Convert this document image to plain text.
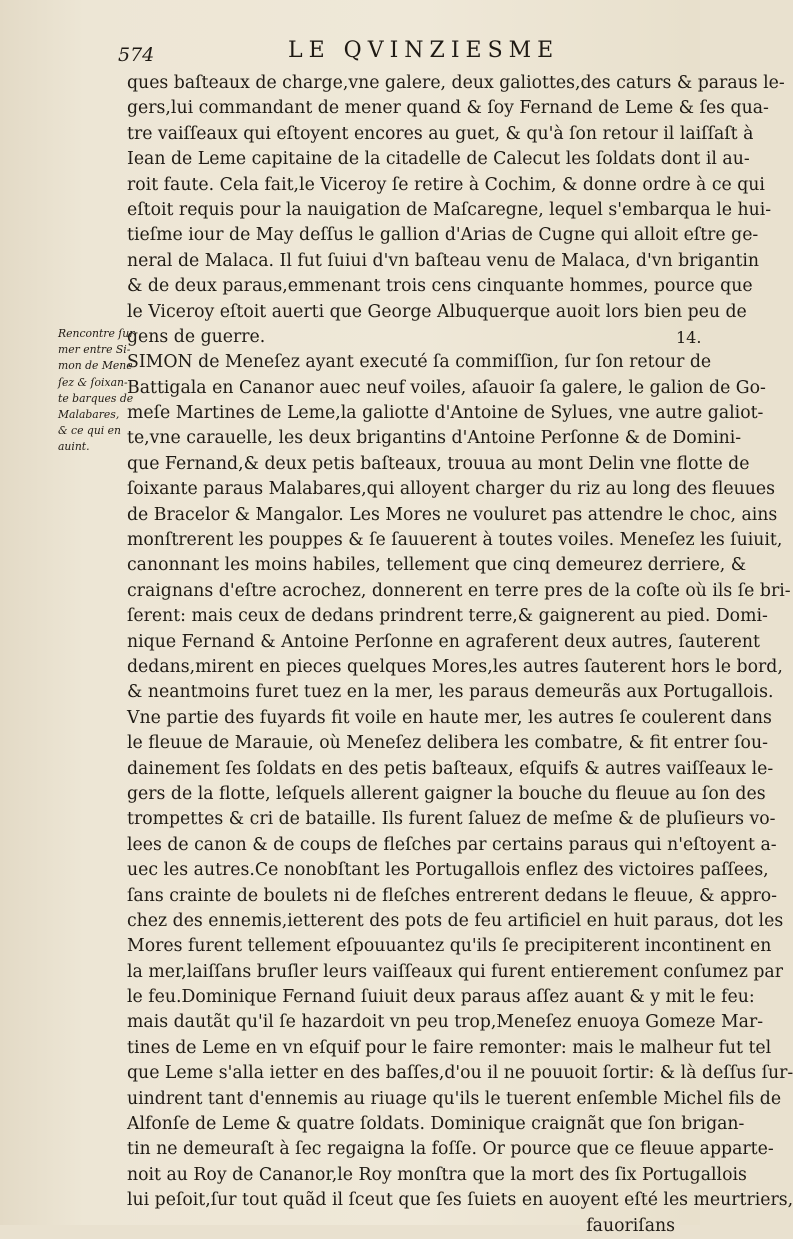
574	LE QVINZIESME
Rencontre ſur
mer entre Si-
mon de Mene
ſez & ſoixan-
te barques de
Malabares,
& ce qui en
auint.
14.
ques baſteaux de charge,vne galere, deux galiottes,des caturs & paraus le-
gers,lui commandant de mener quand & ſoy Fernand de Leme & ſes qua-
tre vaiſſeaux qui eſtoyent encores au guet, & qu'à ſon retour il laiſſaſt à
Iean de Leme capitaine de la citadelle de Calecut les ſoldats dont il au-
roit faute. Cela fait,le Viceroy ſe retire à Cochim, & donne ordre à ce qui
eſtoit requis pour la nauigation de Maſcaregne, lequel s'embarqua le hui-
tieſme iour de May deſſus le gallion d'Arias de Cugne qui alloit eſtre ge-
neral de Malaca. Il fut ſuiui d'vn baſteau venu de Malaca, d'vn brigantin
& de deux paraus,emmenant trois cens cinquante hommes, pource que
le Viceroy eſtoit auerti que George Albuquerque auoit lors bien peu de
gens de guerre.
SIMON de Meneſez ayant executé ſa commiſſion, ſur ſon retour de
Battigala en Cananor auec neuf voiles, aſauoir ſa galere, le galion de Go-
meſe Martines de Leme,la galiotte d'Antoine de Sylues, vne autre galiot-
te,vne carauelle, les deux brigantins d'Antoine Perſonne & de Domini-
que Fernand,& deux petis baſteaux, trouua au mont Delin vne flotte de
ſoixante paraus Malabares,qui alloyent charger du riz au long des fleuues
de Bracelor & Mangalor. Les Mores ne vouluret pas attendre le choc, ains
monſtrerent les pouppes & ſe ſauuerent à toutes voiles. Meneſez les ſuiuit,
canonnant les moins habiles, tellement que cinq demeurez derriere, &
craignans d'eſtre acrochez, donnerent en terre pres de la coſte où ils ſe bri-
ſerent: mais ceux de dedans prindrent terre,& gaignerent au pied. Domi-
nique Fernand & Antoine Perſonne en agraferent deux autres, ſauterent
dedans,mirent en pieces quelques Mores,les autres ſauterent hors le bord,
& neantmoins furet tuez en la mer, les paraus demeurãs aux Portugallois.
Vne partie des fuyards fit voile en haute mer, les autres ſe coulerent dans
le fleuue de Marauie, où Meneſez delibera les combatre, & fit entrer ſou-
dainement ſes ſoldats en des petis baſteaux, eſquifs & autres vaiſſeaux le-
gers de la flotte, leſquels allerent gaigner la bouche du fleuue au ſon des
trompettes & cri de bataille. Ils furent ſaluez de meſme & de pluſieurs vo-
lees de canon & de coups de fleſches par certains paraus qui n'eſtoyent a-
uec les autres.Ce nonobſtant les Portugallois enflez des victoires paſſees,
ſans crainte de boulets ni de fleſches entrerent dedans le fleuue, & appro-
chez des ennemis,ietterent des pots de feu artificiel en huit paraus, dot les
Mores furent tellement eſpouuantez qu'ils ſe precipiterent incontinent en
la mer,laiſſans bruſler leurs vaiſſeaux qui furent entierement conſumez par
le feu.Dominique Fernand ſuiuit deux paraus aſſez auant & y mit le feu:
mais dautãt qu'il ſe hazardoit vn peu trop,Meneſez enuoya Gomeze Mar-
tines de Leme en vn eſquif pour le faire remonter: mais le malheur fut tel
que Leme s'alla ietter en des baſſes,d'ou il ne pouuoit ſortir: & là deſſus ſur-
uindrent tant d'ennemis au riuage qu'ils le tuerent enſemble Michel fils de
Alfonſe de Leme & quatre ſoldats. Dominique craignãt que ſon brigan-
tin ne demeuraſt à ſec regaigna la foſſe. Or pource que ce fleuue apparte-
noit au Roy de Cananor,le Roy monſtra que la mort des ſix Portugallois
lui peſoit,ſur tout quãd il ſceut que ſes ſuiets en auoyent eſté les meurtriers,
fauoriſans
